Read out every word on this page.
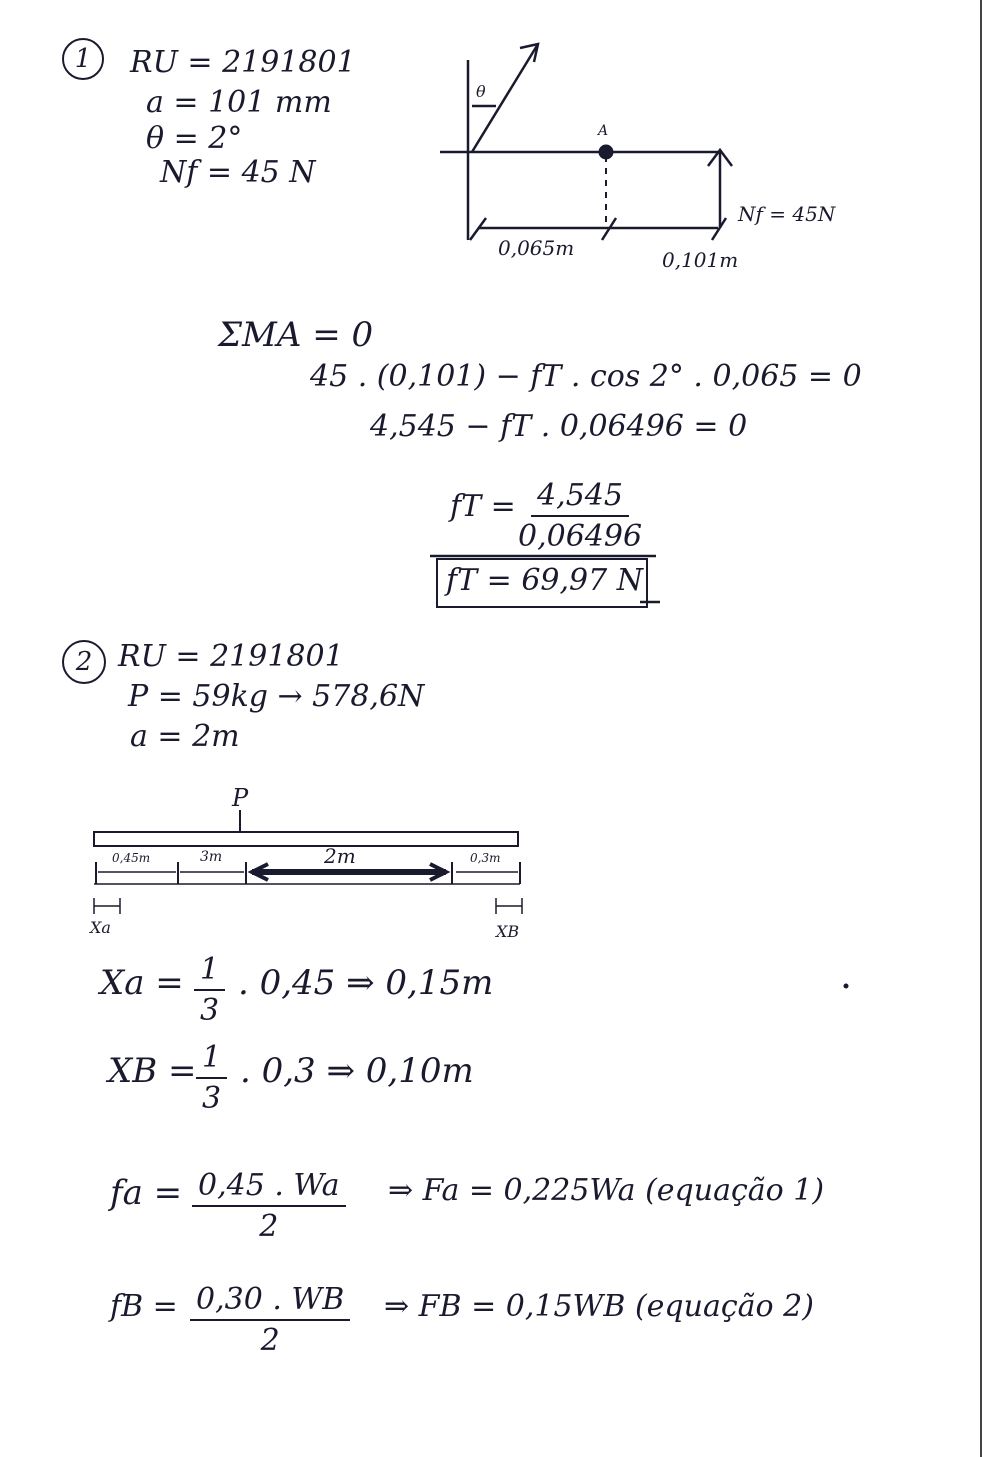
1 RU = 2191801
a = 101 mm
θ = 2°
Nf = 45 N
θ
A
Nf = 45N
0,065m	0,101m
ΣMA = 0
45 . (0,101) − fT . cos 2° . 0,065 = 0
4,545 − fT . 0,06496 = 0
fT = $\frac{4,545}{0,06496}$
fT = 69,97 N
2 RU = 2191801
P = 59kg → 578,6N
a = 2m
P
0,45m	3m	2m	0,3m
Xa	XB
$Xa = \frac{1}{3}$ . 0,45 ⇒ 0,15m
XB = $\frac{1}{3}$ . 0,3 ⇒ 0,10m
fa = $\frac{0,45 . Wa}{2}$ ⇒ Fa = 0,225Wa (equação 1)
fB = $\frac{0,30 . WB}{2}$ ⇒ FB = 0,15WB (equação 2)
